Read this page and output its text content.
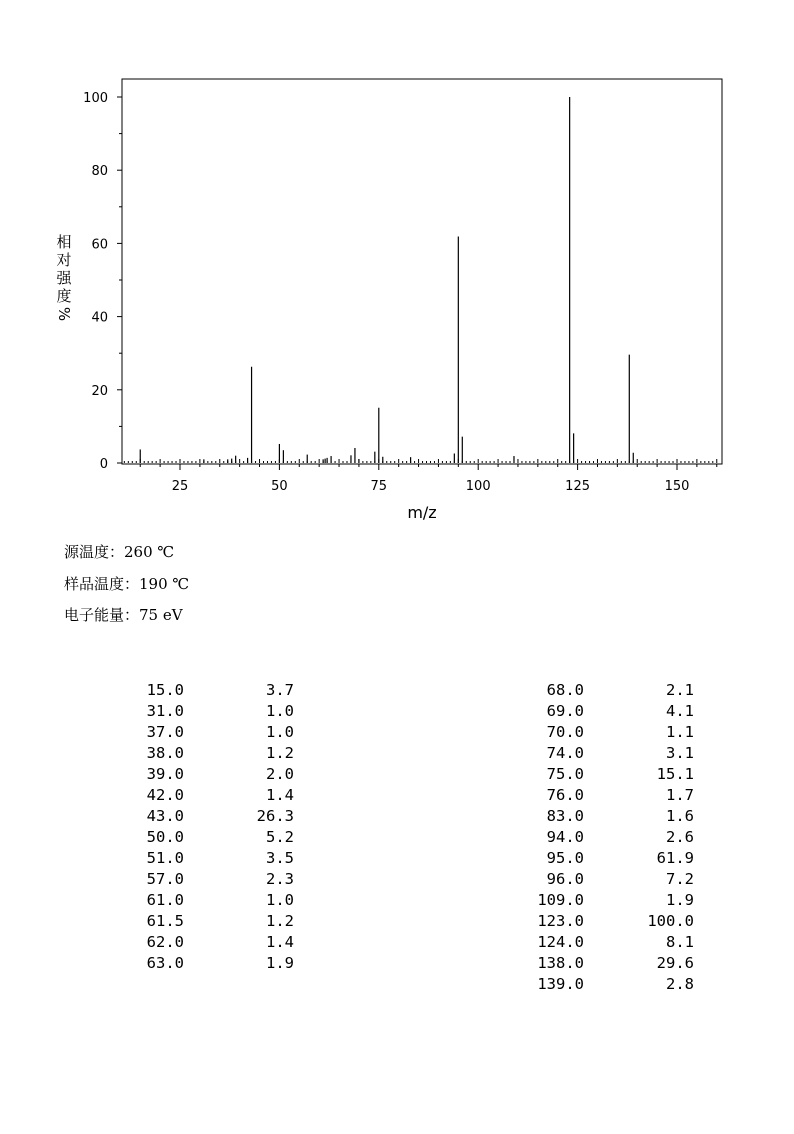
25	50	75	100	125	150
0
20
40
60
80
100
m/z
相
对
强
度
%
源温度：260 ℃
样品温度：190 ℃
电子能量：75 eV
15.0	3.7
31.0	1.0
37.0	1.0
38.0	1.2
39.0	2.0
42.0	1.4
43.0	26.3
50.0	5.2
51.0	3.5
57.0	2.3
61.0	1.0
61.5	1.2
62.0	1.4
63.0	1.9
68.0	2.1
69.0	4.1
70.0	1.1
74.0	3.1
75.0	15.1
76.0	1.7
83.0	1.6
94.0	2.6
95.0	61.9
96.0	7.2
109.0	1.9
123.0	100.0
124.0	8.1
138.0	29.6
139.0	2.8
